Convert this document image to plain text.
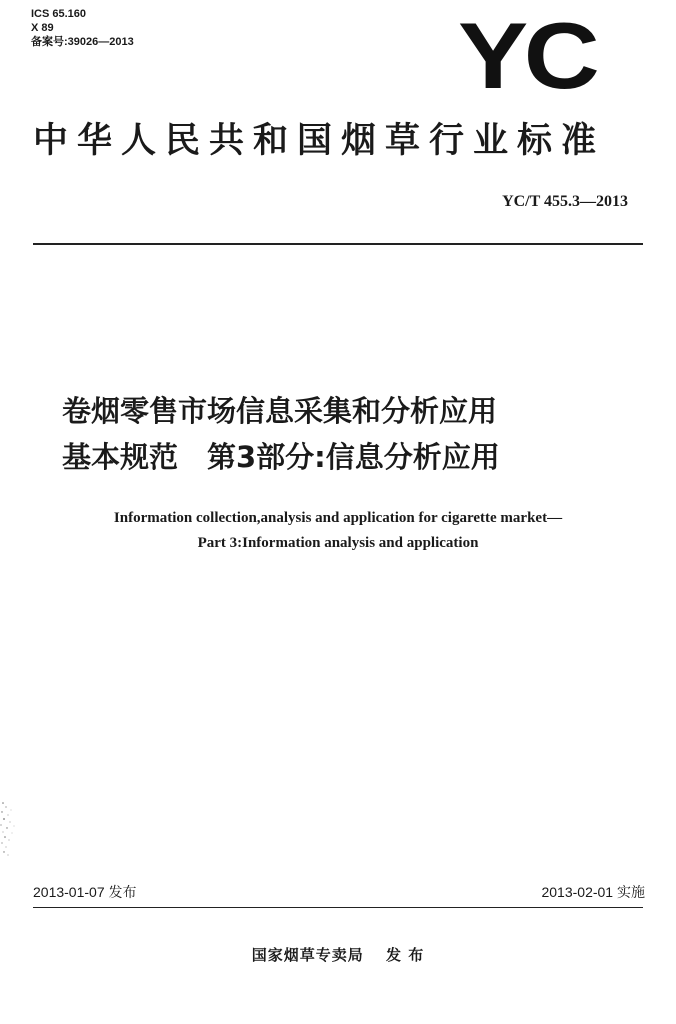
ICS 65.160
X 89
备案号:39026—2013	YC
中华人民共和国烟草行业标准
YC/T 455.3—2013
卷烟零售市场信息采集和分析应用
基本规范　第3部分:信息分析应用
Information collection,analysis and application for cigarette market—
Part 3:Information analysis and application
2013-01-07 发布	2013-02-01 实施
国家烟草专卖局 发 布
